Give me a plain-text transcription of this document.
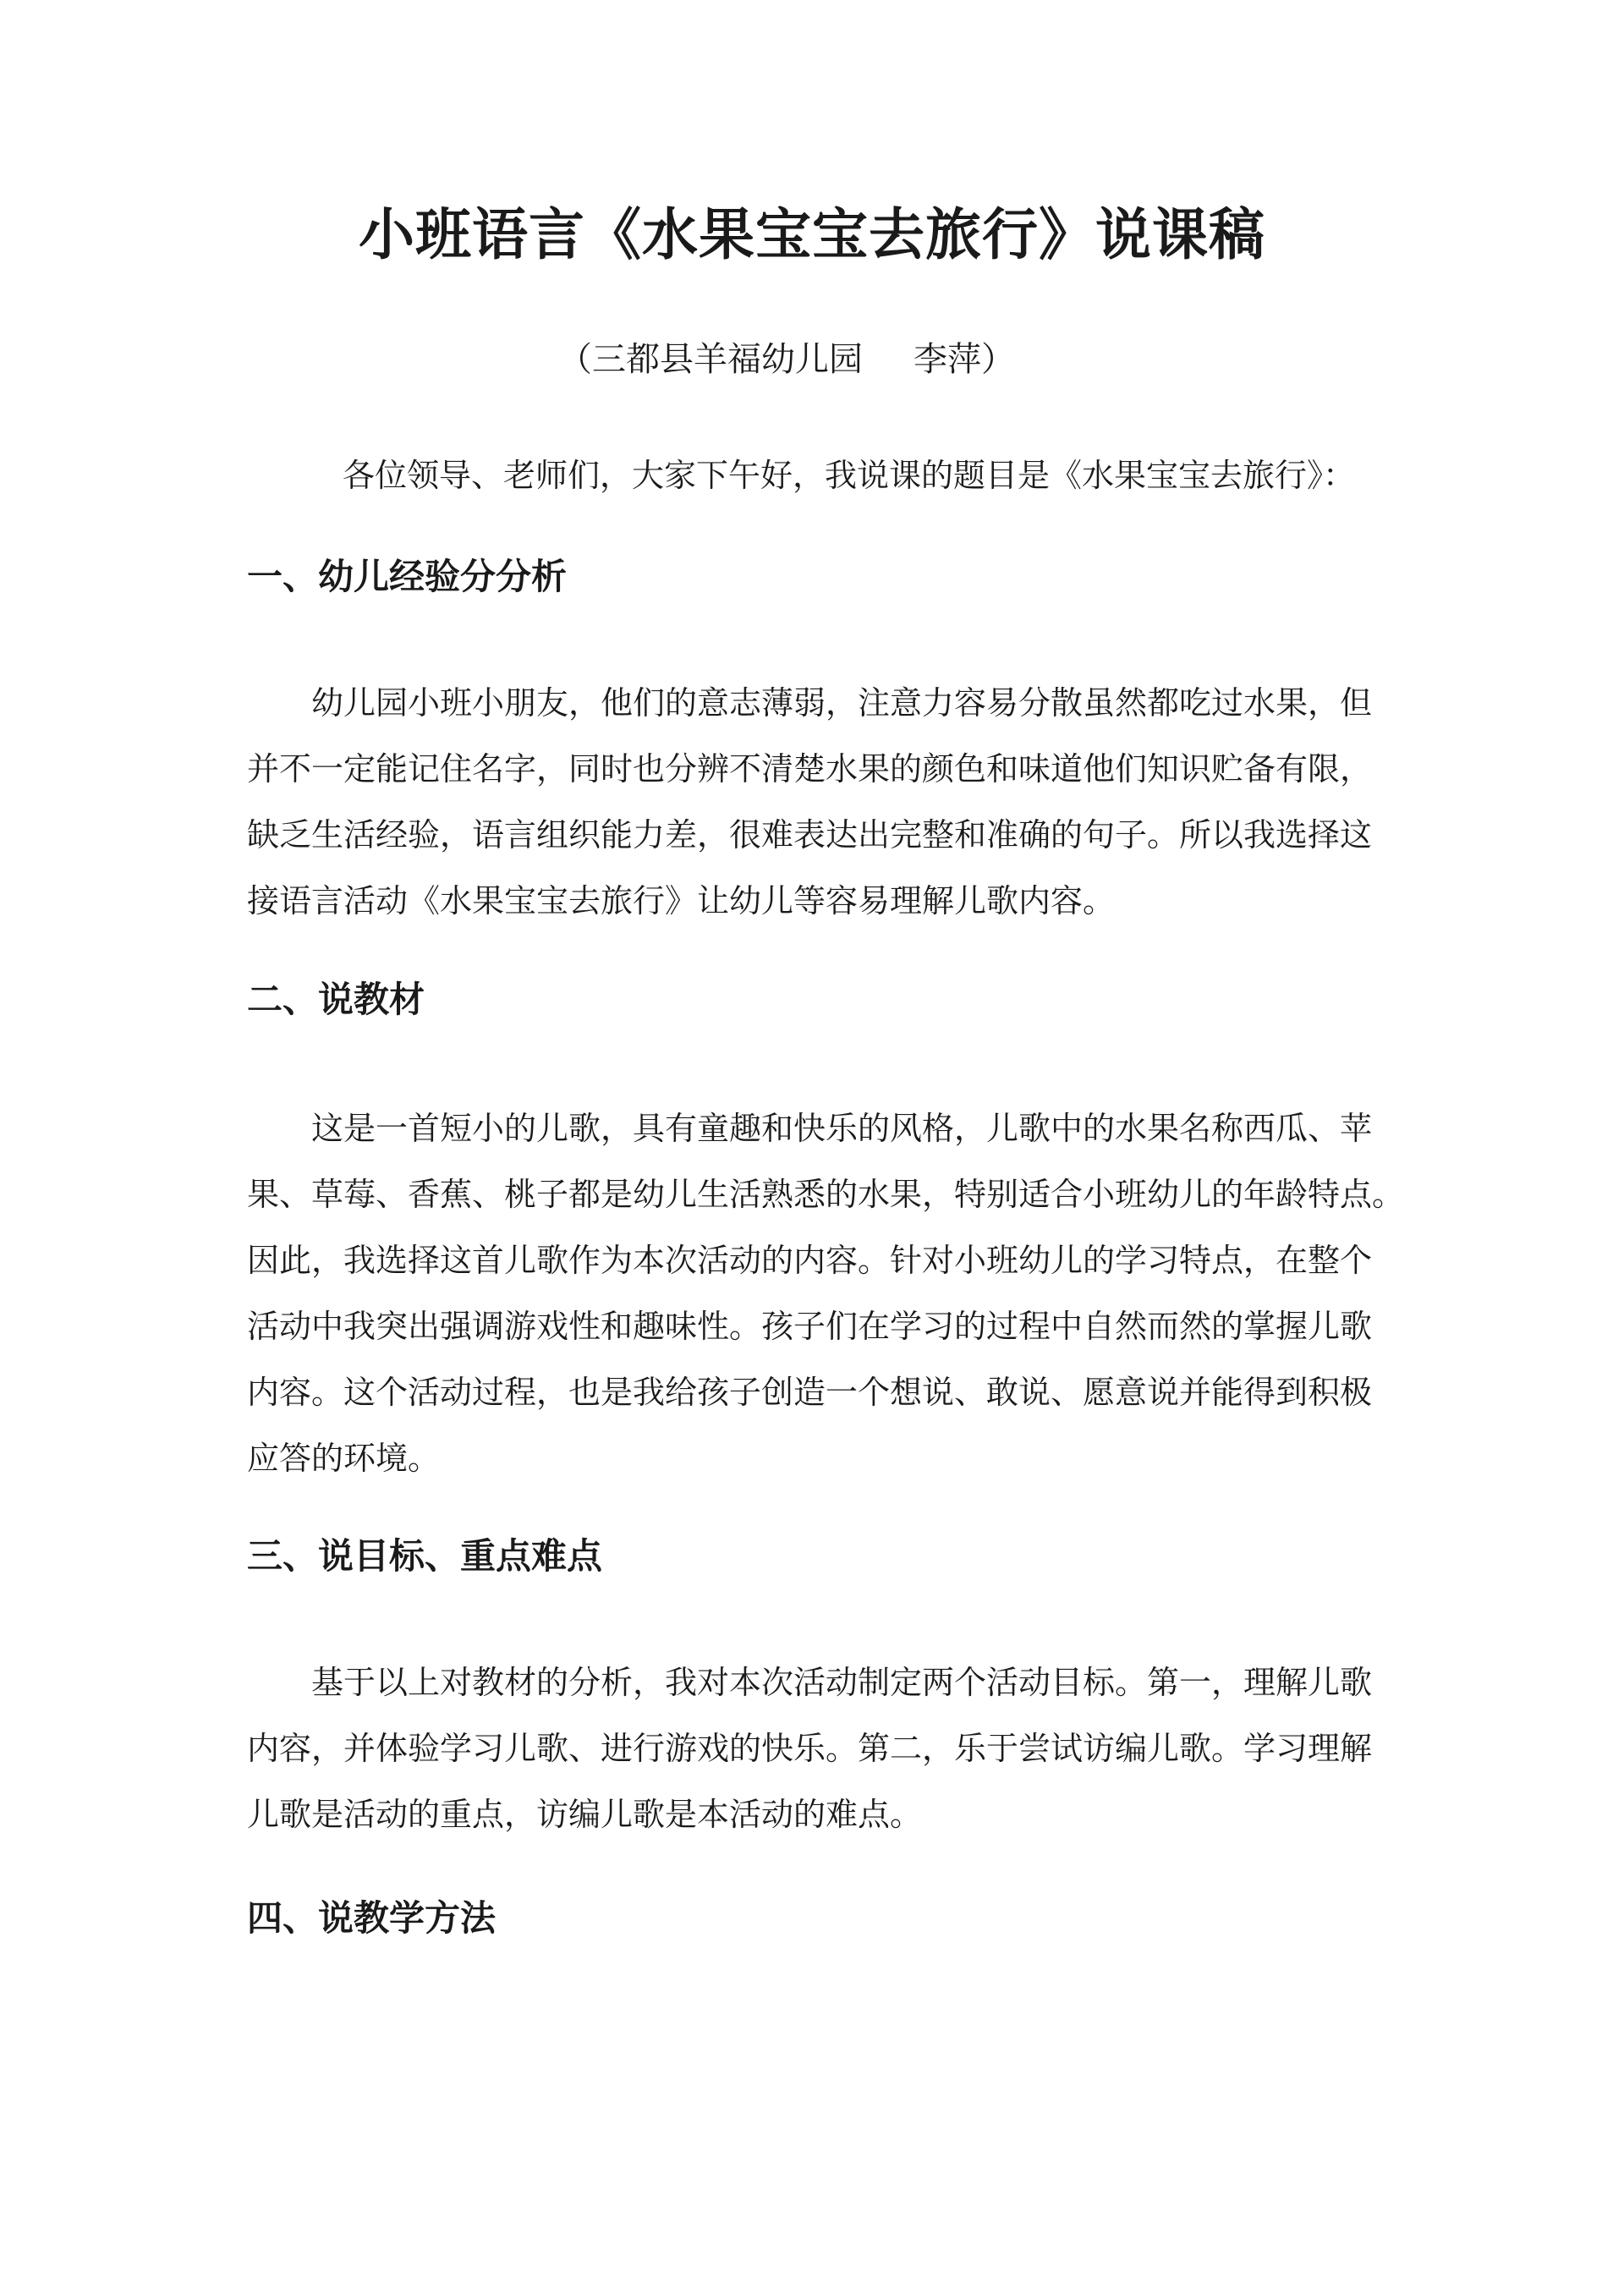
小班语言《水果宝宝去旅行》说课稿
（三都县羊福幼儿园 李萍）
各位领导、老师们，大家下午好，我说课的题目是《水果宝宝去旅行》：
一、幼儿经验分分析
幼儿园小班小朋友，他们的意志薄弱，注意力容易分散虽然都吃过水果，但
并不一定能记住名字，同时也分辨不清楚水果的颜色和味道他们知识贮备有限，
缺乏生活经验，语言组织能力差，很难表达出完整和准确的句子。所以我选择这
接语言活动《水果宝宝去旅行》让幼儿等容易理解儿歌内容。
二、说教材
这是一首短小的儿歌，具有童趣和快乐的风格，儿歌中的水果名称西瓜、苹
果、草莓、香蕉、桃子都是幼儿生活熟悉的水果，特别适合小班幼儿的年龄特点。
因此，我选择这首儿歌作为本次活动的内容。针对小班幼儿的学习特点，在整个
活动中我突出强调游戏性和趣味性。孩子们在学习的过程中自然而然的掌握儿歌
内容。这个活动过程，也是我给孩子创造一个想说、敢说、愿意说并能得到积极
应答的环境。
三、说目标、重点难点
基于以上对教材的分析，我对本次活动制定两个活动目标。第一，理解儿歌
内容，并体验学习儿歌、进行游戏的快乐。第二，乐于尝试访编儿歌。学习理解
儿歌是活动的重点，访编儿歌是本活动的难点。
四、说教学方法
